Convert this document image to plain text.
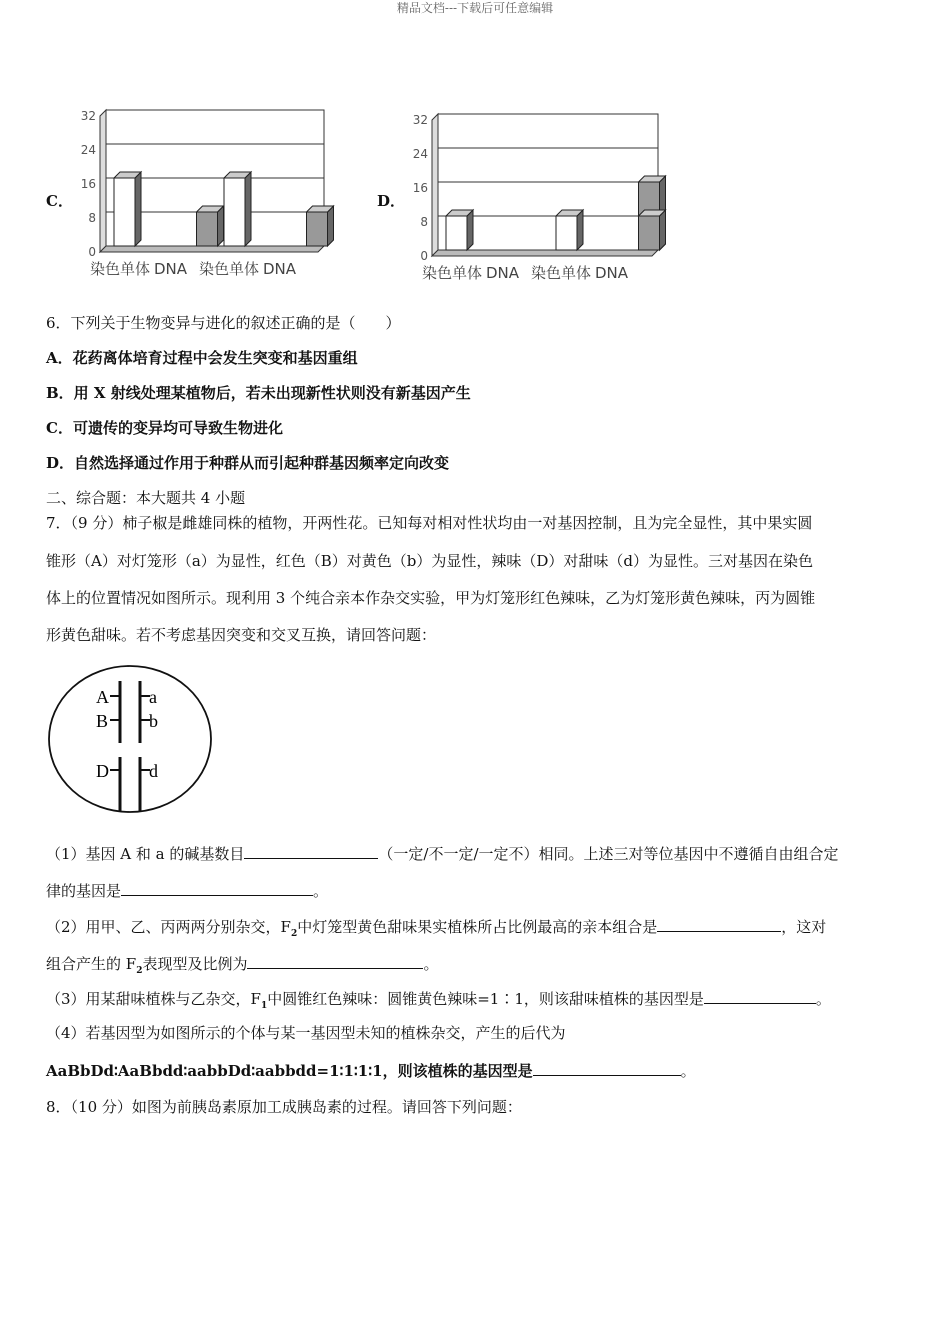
精品文档---下载后可任意编辑
C．
32
24
16
8
0
染色单体 DNA 染色单体 DNA
D．
32
24
16
8
0
染色单体 DNA 染色单体 DNA
6．下列关于生物变异与进化的叙述正确的是（　　）
A．花药离体培育过程中会发生突变和基因重组
B．用 X 射线处理某植物后，若未出现新性状则没有新基因产生
C．可遗传的变异均可导致生物进化
D．自然选择通过作用于种群从而引起种群基因频率定向改变
二、综合题：本大题共 4 小题
7．（9 分）柿子椒是雌雄同株的植物，开两性花。已知每对相对性状均由一对基因控制，且为完全显性，其中果实圆
锥形（A）对灯笼形（a）为显性，红色（B）对黄色（b）为显性，辣味（D）对甜味（d）为显性。三对基因在染色
体上的位置情况如图所示。现利用 3 个纯合亲本作杂交实验，甲为灯笼形红色辣味，乙为灯笼形黄色辣味，丙为圆锥
形黄色甜味。若不考虑基因突变和交叉互换，请回答问题：
A a
B b
D d
（1）基因 A 和 a 的碱基数目	（一定/不一定/一定不）相同。上述三对等位基因中不遵循自由组合定
律的基因是	。
（2）用甲、乙、丙两两分别杂交，$F_2$中灯笼型黄色甜味果实植株所占比例最高的亲本组合是	，这对
组合产生的 $F_2$表现型及比例为	。
（3）用某甜味植株与乙杂交，$F_1$中圆锥红色辣味：圆锥黄色辣味=1∶1，则该甜味植株的基因型是	。
（4）若基因型为如图所示的个体与某一基因型未知的植株杂交，产生的后代为
AaBbDd∶AaBbdd∶aabbDd∶aabbdd=1∶1∶1∶1，则该植株的基因型是	。
8．（10 分）如图为前胰岛素原加工成胰岛素的过程。请回答下列问题：
